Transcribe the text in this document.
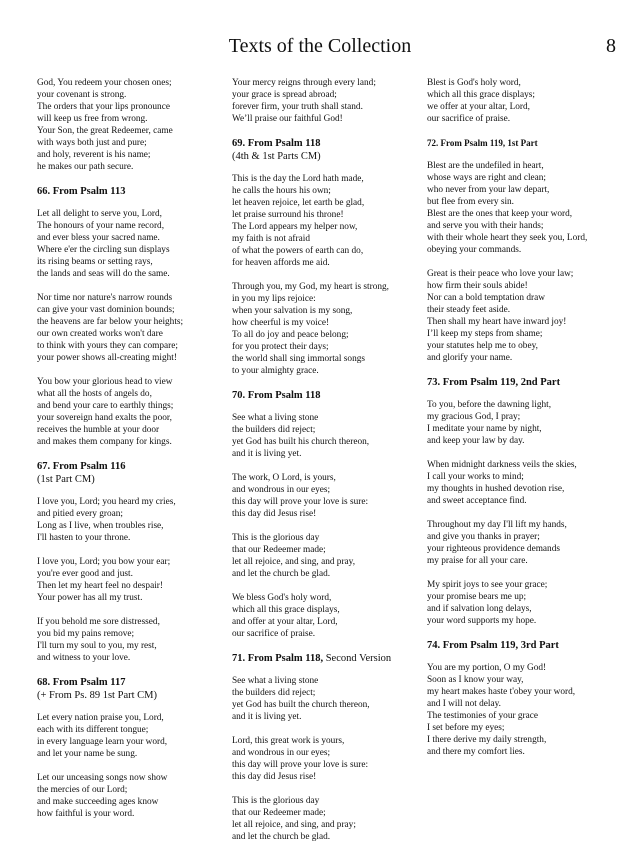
Texts of the Collection	8
God, You redeem your chosen ones;
your covenant is strong.
The orders that your lips pronounce
will keep us free from wrong.
Your Son, the great Redeemer, came
with ways both just and pure;
and holy, reverent is his name;
he makes our path secure.
66. From Psalm 113
Let all delight to serve you, Lord,
The honours of your name record,
and ever bless your sacred name.
Where e'er the circling sun displays
its rising beams or setting rays,
the lands and seas will do the same.
Nor time nor nature's narrow rounds
can give your vast dominion bounds;
the heavens are far below your heights;
our own created works won't dare
to think with yours they can compare;
your power shows all-creating might!
You bow your glorious head to view
what all the hosts of angels do,
and bend your care to earthly things;
your sovereign hand exalts the poor,
receives the humble at your door
and makes them company for kings.
67. From Psalm 116
(1st Part CM)
I love you, Lord; you heard my cries,
and pitied every groan;
Long as I live, when troubles rise,
I'll hasten to your throne.
I love you, Lord; you bow your ear;
you're ever good and just.
Then let my heart feel no despair!
Your power has all my trust.
If you behold me sore distressed,
you bid my pains remove;
I'll turn my soul to you, my rest,
and witness to your love.
68. From Psalm 117
(+ From Ps. 89 1st Part CM)
Let every nation praise you, Lord,
each with its different tongue;
in every language learn your word,
and let your name be sung.
Let our unceasing songs now show
the mercies of our Lord;
and make succeeding ages know
how faithful is your word.
Your mercy reigns through every land;
your grace is spread abroad;
forever firm, your truth shall stand.
We’ll praise our faithful God!
69. From Psalm 118
(4th & 1st Parts CM)
This is the day the Lord hath made,
he calls the hours his own;
let heaven rejoice, let earth be glad,
let praise surround his throne!
The Lord appears my helper now,
my faith is not afraid
of what the powers of earth can do,
for heaven affords me aid.
Through you, my God, my heart is strong,
in you my lips rejoice:
when your salvation is my song,
how cheerful is my voice!
To all do joy and peace belong;
for you protect their days;
the world shall sing immortal songs
to your almighty grace.
70. From Psalm 118
See what a living stone
the builders did reject;
yet God has built his church thereon,
and it is living yet.
The work, O Lord, is yours,
and wondrous in our eyes;
this day will prove your love is sure:
this day did Jesus rise!
This is the glorious day
that our Redeemer made;
let all rejoice, and sing, and pray,
and let the church be glad.
We bless God's holy word,
which all this grace displays,
and offer at your altar, Lord,
our sacrifice of praise.
71. From Psalm 118, Second Version
See what a living stone
the builders did reject;
yet God has built the church thereon,
and it is living yet.
Lord, this great work is yours,
and wondrous in our eyes;
this day will prove your love is sure:
this day did Jesus rise!
This is the glorious day
that our Redeemer made;
let all rejoice, and sing, and pray;
and let the church be glad.
Blest is God's holy word,
which all this grace displays;
we offer at your altar, Lord,
our sacrifice of praise.
72. From Psalm 119, 1st Part
Blest are the undefiled in heart,
whose ways are right and clean;
who never from your law depart,
but flee from every sin.
Blest are the ones that keep your word,
and serve you with their hands;
with their whole heart they seek you, Lord,
obeying your commands.
Great is their peace who love your law;
how firm their souls abide!
Nor can a bold temptation draw
their steady feet aside.
Then shall my heart have inward joy!
I’ll keep my steps from shame;
your statutes help me to obey,
and glorify your name.
73. From Psalm 119, 2nd Part
To you, before the dawning light,
my gracious God, I pray;
I meditate your name by night,
and keep your law by day.
When midnight darkness veils the skies,
I call your works to mind;
my thoughts in hushed devotion rise,
and sweet acceptance find.
Throughout my day I'll lift my hands,
and give you thanks in prayer;
your righteous providence demands
my praise for all your care.
My spirit joys to see your grace;
your promise bears me up;
and if salvation long delays,
your word supports my hope.
74. From Psalm 119, 3rd Part
You are my portion, O my God!
Soon as I know your way,
my heart makes haste t'obey your word,
and I will not delay.
The testimonies of your grace
I set before my eyes;
I there derive my daily strength,
and there my comfort lies.
